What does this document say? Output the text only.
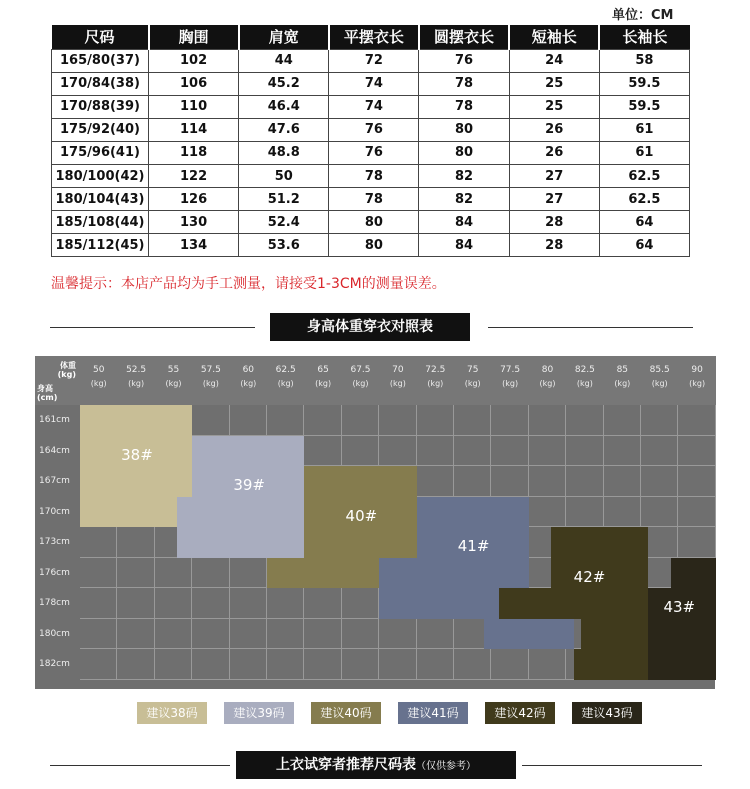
单位：CM
尺码	胸围	肩宽	平摆衣长	圆摆衣长	短袖长	长袖长
165/80(37)	102	44	72	76	24	58
170/84(38)	106	45.2	74	78	25	59.5
170/88(39)	110	46.4	74	78	25	59.5
175/92(40)	114	47.6	76	80	26	61
175/96(41)	118	48.8	76	80	26	61
180/100(42)	122	50	78	82	27	62.5
180/104(43)	126	51.2	78	82	27	62.5
185/108(44)	130	52.4	80	84	28	64
185/112(45)	134	53.6	80	84	28	64
温馨提示：本店产品均为手工测量，请接受1-3CM的测量误差。
身高体重穿衣对照表
体重
(kg)
身高
(cm)
50
(kg)
52.5
(kg)
55
(kg)
57.5
(kg)
60
(kg)
62.5
(kg)
65
(kg)
67.5
(kg)
70
(kg)
72.5
(kg)
75
(kg)
77.5
(kg)
80
(kg)
82.5
(kg)
85
(kg)
85.5
(kg)
90
(kg)
161cm
164cm
167cm
170cm
173cm
176cm
178cm
180cm
182cm
38#
39#
40#
41#
42#
43#
建议38码	建议39码	建议40码	建议41码	建议42码	建议43码
上衣试穿者推荐尺码表（仅供参考）
